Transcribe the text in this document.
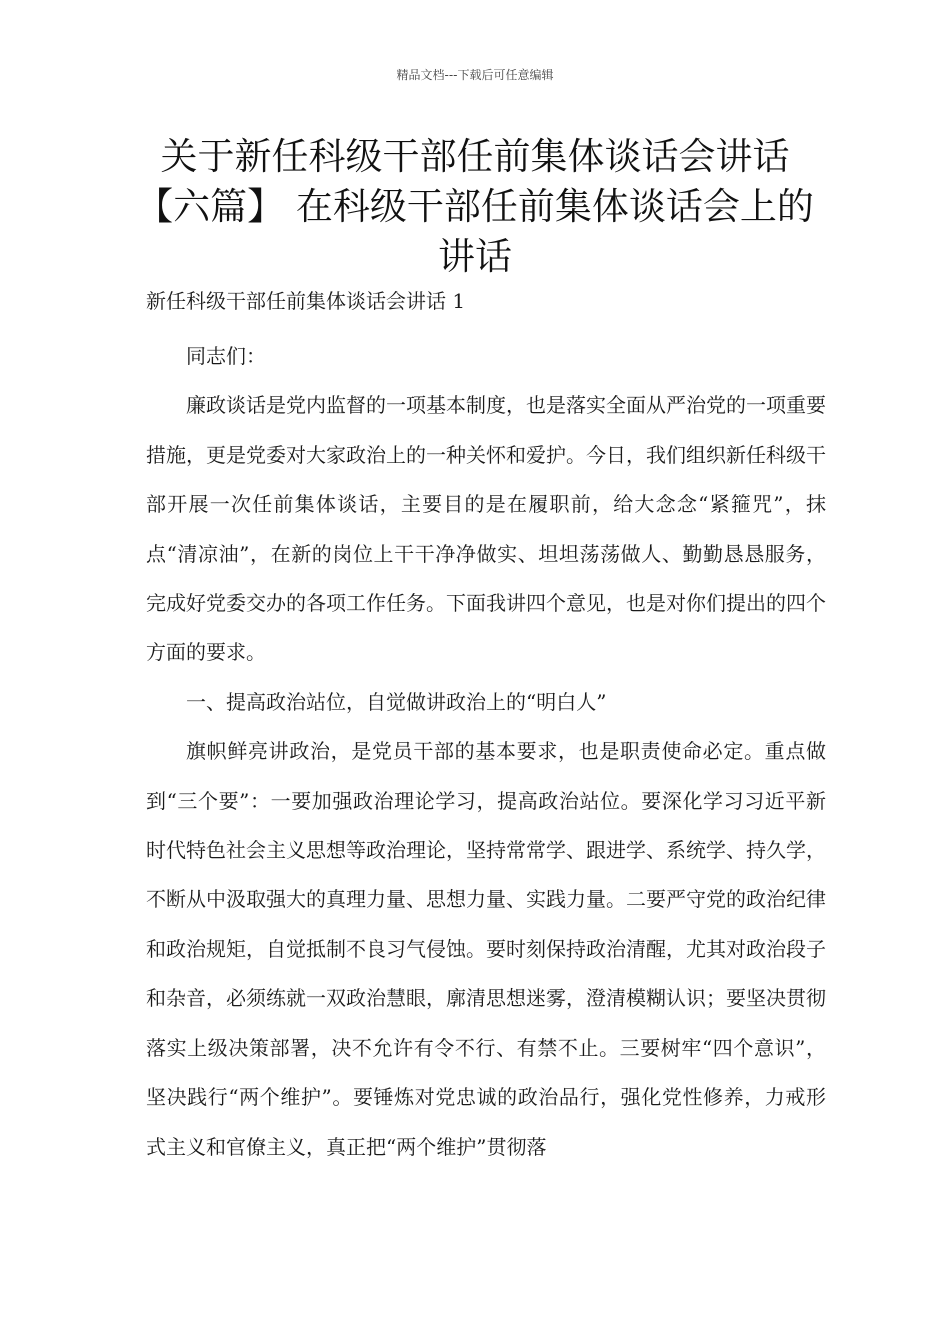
精品文档---下载后可任意编辑
关于新任科级干部任前集体谈话会讲话【六篇】 在科级干部任前集体谈话会上的讲话
新任科级干部任前集体谈话会讲话 1

同志们：

廉政谈话是党内监督的一项基本制度，也是落实全面从严治党的一项重要措施，更是党委对大家政治上的一种关怀和爱护。今日，我们组织新任科级干部开展一次任前集体谈话，主要目的是在履职前，给大念念“紧箍咒”，抹点“清凉油”，在新的岗位上干干净净做实、坦坦荡荡做人、勤勤恳恳服务，完成好党委交办的各项工作任务。下面我讲四个意见，也是对你们提出的四个方面的要求。

一、提高政治站位，自觉做讲政治上的“明白人”

旗帜鲜亮讲政治，是党员干部的基本要求，也是职责使命必定。重点做到“三个要”：一要加强政治理论学习，提高政治站位。要深化学习习近平新时代特色社会主义思想等政治理论，坚持常常学、跟进学、系统学、持久学，不断从中汲取强大的真理力量、思想力量、实践力量。二要严守党的政治纪律和政治规矩，自觉抵制不良习气侵蚀。要时刻保持政治清醒，尤其对政治段子和杂音，必须练就一双政治慧眼，廓清思想迷雾，澄清模糊认识；要坚决贯彻落实上级决策部署，决不允许有令不行、有禁不止。三要树牢“四个意识”，坚决践行“两个维护”。要锤炼对党忠诚的政治品行，强化党性修养，力戒形式主义和官僚主义，真正把“两个维护”贯彻落
